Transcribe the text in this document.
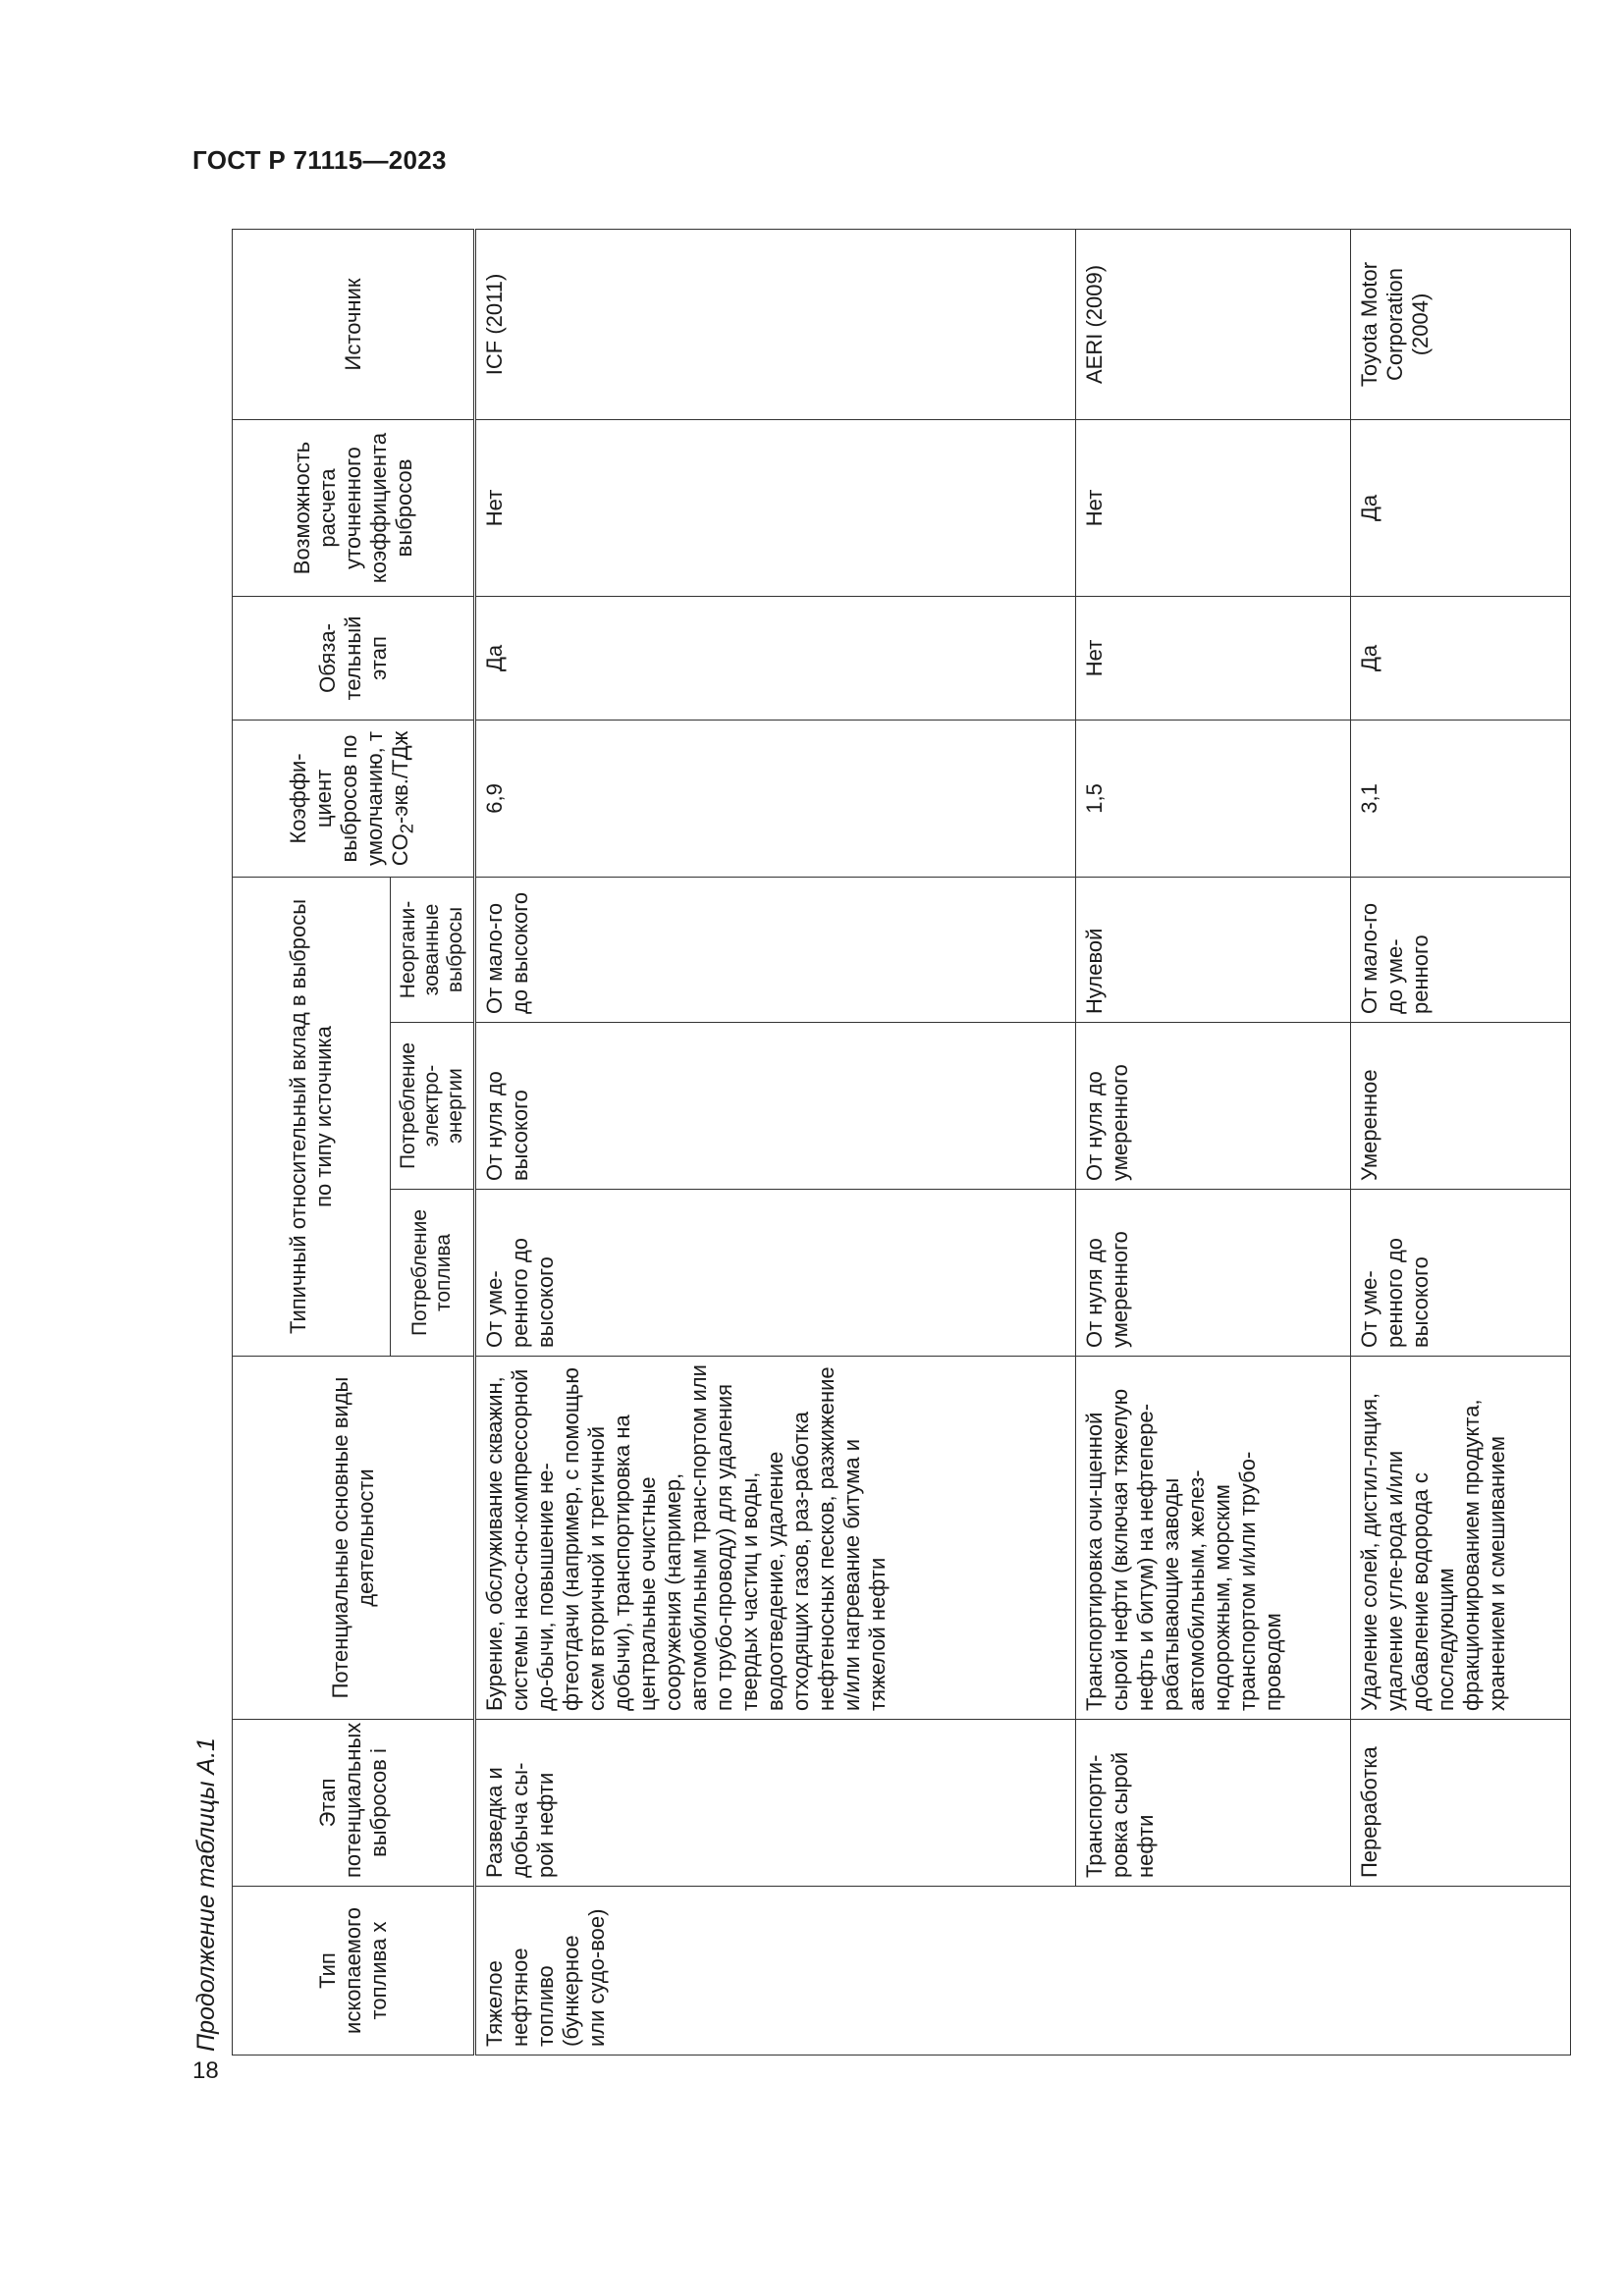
ГОСТ Р 71115—2023
Продолжение таблицы А.1
18
Тип ископаемого топлива x	Этап потенциальных выбросов i	Потенциальные основные виды деятельности	Типичный относительный вклад в выбросы по типу источника			Коэффи-циент выбросов по умолчанию, т $CO_2-экв$./ТДж	Обяза-тельный этап	Возможность расчета уточненного коэффициента выбросов	Источник
			Потребление топлива	Потребление электро-энергии	Неоргани-зованные выбросы				
Тяжелое нефтяное топливо (бункерное или судо-вое)	Разведка и добыча сы-рой нефти	Бурение, обслуживание скважин, системы насо-сно-компрессорной до-бычи, повышение не-фтеотдачи (например, с помощью схем вторичной и третичной добычи), транспортировка на центральные очистные сооружения (например, автомобильным транс-портом или по трубо-проводу) для удаления твердых частиц и воды, водоотведение, удаление отходящих газов, раз-работка нефтеносных песков, разжижение и/или нагревание битума и тяжелой нефти	От уме-ренного до высокого	От нуля до высокого	От мало-го до высокого	6,9	Да	Нет	ICF (2011)
	Транспорти-ровка сырой нефти	Транспортировка очи-щенной сырой нефти (включая тяжелую нефть и битум) на нефтепере-рабатывающие заводы автомобильным, желез-нодорожным, морским транспортом и/или трубо-проводом	От нуля до умеренного	От нуля до умеренного	Нулевой	1,5	Нет	Нет	AERI (2009)
	Переработка	Удаление солей, дистил-ляция, удаление угле-рода и/или добавление водорода с последующим фракционированием продукта, хранением и смешиванием	От уме-ренного до высокого	Умеренное	От мало-го до уме-ренного	3,1	Да	Да	Toyota Motor Corporation (2004)
